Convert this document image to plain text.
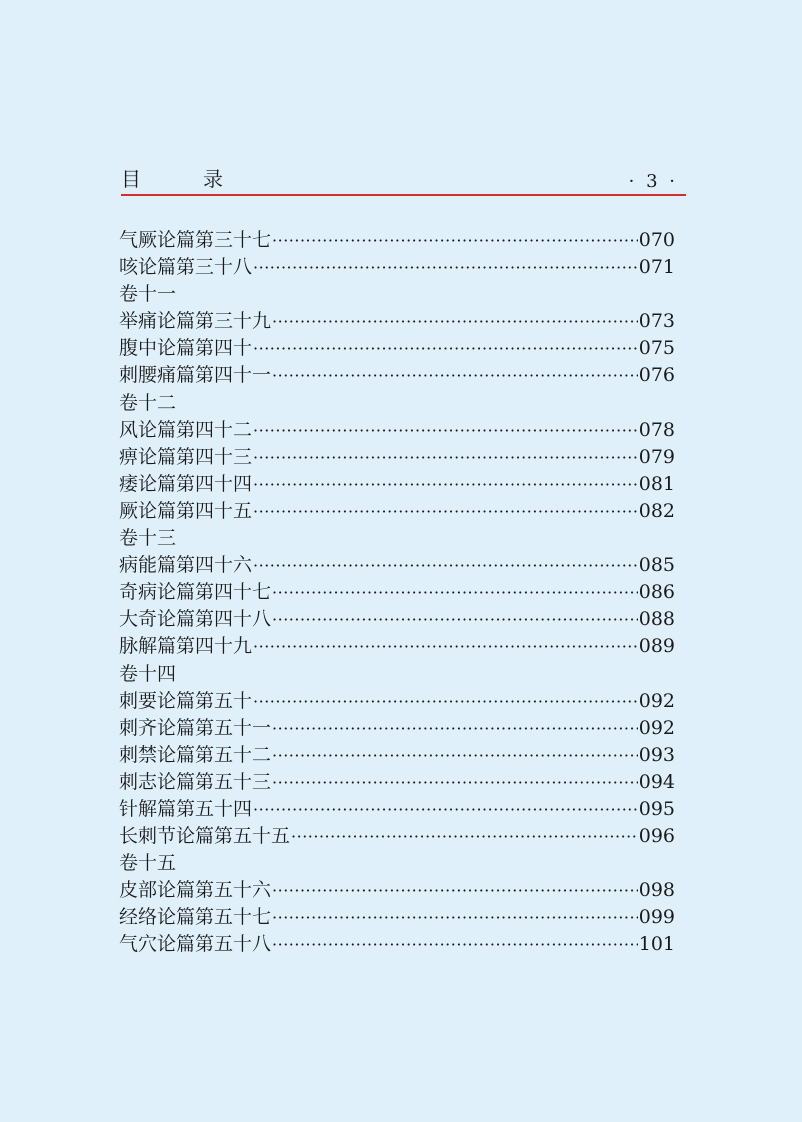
目	录	· 3 ·
气厥论篇第三十七 ·····	070
咳论篇第三十八 ·····	071
卷十一
举痛论篇第三十九 ·····	073
腹中论篇第四十 ·····	075
刺腰痛篇第四十一 ·····	076
卷十二
风论篇第四十二 ·····	078
痹论篇第四十三 ·····	079
痿论篇第四十四 ·····	081
厥论篇第四十五 ·····	082
卷十三
病能篇第四十六 ·····	085
奇病论篇第四十七 ·····	086
大奇论篇第四十八 ·····	088
脉解篇第四十九 ·····	089
卷十四
刺要论篇第五十 ·····	092
刺齐论篇第五十一 ·····	092
刺禁论篇第五十二 ·····	093
刺志论篇第五十三 ·····	094
针解篇第五十四 ·····	095
长刺节论篇第五十五 ·····	096
卷十五
皮部论篇第五十六 ·····	098
经络论篇第五十七 ·····	099
气穴论篇第五十八 ·····	101
